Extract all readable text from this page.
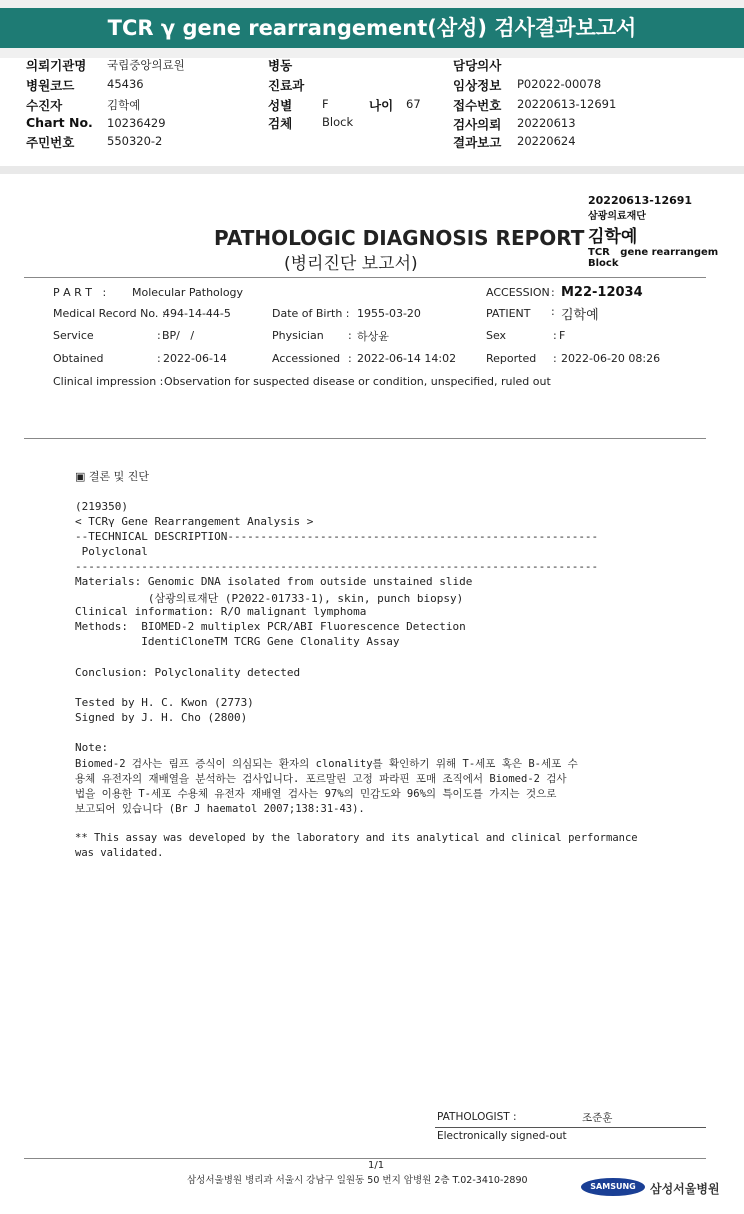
TCR γ gene rearrangement(삼성) 검사결과보고서
의뢰기관명 국립중앙의료원
병원코드	45436
수진자	김학예
Chart No. 10236429
주민번호	550320-2
병동
진료과
성별	F	나이 67
검체	Block
담당의사
임상정보 P02022-00078
접수번호 20220613-12691
검사의뢰 20220613
결과보고 20220624
20220613-12691
삼광의료재단
김학예
TCR   gene rearrangem
Block
PATHOLOGIC DIAGNOSIS REPORT
(병리진단 보고서)
P A R T   : Molecular Pathology	ACCESSION : M22-12034
Medical Record No. :
494-14-44-5	Date of Birth : 1955-03-20	PATIENT : 김학예
Service	: BP/   /	Physician : 하상윤	Sex	: F
Obtained	: 2022-06-14	Accessioned : 2022-06-14 14:02	Reported : 2022-06-20 08:26
Clinical impression : Observation for suspected disease or condition, unspecified, ruled out
▣ 결론 및 진단
(219350)
< TCRγ Gene Rearrangement Analysis >
--TECHNICAL DESCRIPTION--------------------------------------------------------
Polyclonal
-------------------------------------------------------------------------------
Materials: Genomic DNA isolated from outside unstained slide
(삼광의료재단 (P2022-01733-1), skin, punch biopsy)
Clinical information: R/O malignant lymphoma
Methods:  BIOMED-2 multiplex PCR/ABI Fluorescence Detection
IdentiCloneTM TCRG Gene Clonality Assay
Conclusion: Polyclonality detected
Tested by H. C. Kwon (2773)
Signed by J. H. Cho (2800)
Note:
Biomed-2 검사는 림프 증식이 의심되는 환자의 clonality를 확인하기 위해 T-세포 혹은 B-세포 수
용체 유전자의 재배열을 분석하는 검사입니다. 포르말린 고정 파라핀 포매 조직에서 Biomed-2 검사
법을 이용한 T-세포 수용체 유전자 재배열 검사는 97%의 민감도와 96%의 특이도를 가지는 것으로
보고되어 있습니다 (Br J haematol 2007;138:31-43).
** This assay was developed by the laboratory and its analytical and clinical performance
was validated.
PATHOLOGIST :	조준훈
Electronically signed-out
1/1
삼성서울병원 병리과 서울시 강남구 일원동 50 번지 암병원 2층 T.02-3410-2890
SAMSUNG	삼성서울병원
